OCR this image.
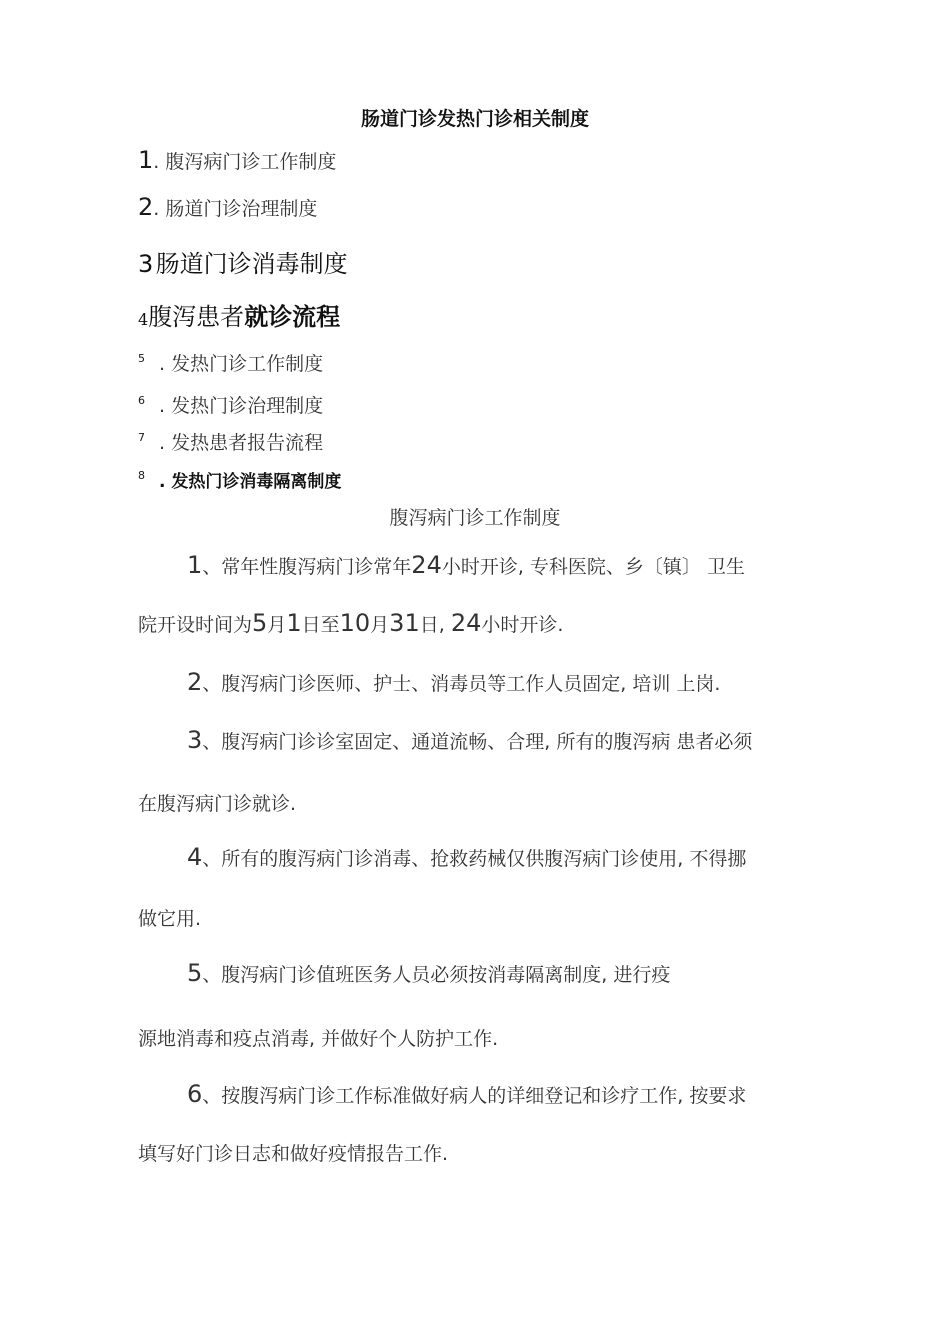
肠道门诊发热门诊相关制度
1. 腹泻病门诊工作制度
2. 肠道门诊治理制度
3 肠道门诊消毒制度
4腹泻患者就诊流程
$^5$ . 发热门诊工作制度
$^6$ . 发热门诊治理制度
$^7$ . 发热患者报告流程
$^8$ . 发热门诊消毒隔离制度
腹泻病门诊工作制度
1、常年性腹泻病门诊常年24小时开诊, 专科医院、乡〔镇〕 卫生
院开设时间为5月1日至10月31日, 24小时开诊.
2、腹泻病门诊医师、护士、消毒员等工作人员固定, 培训 上岗.
3、腹泻病门诊诊室固定、通道流畅、合理, 所有的腹泻病 患者必须
在腹泻病门诊就诊.
4、所有的腹泻病门诊消毒、抢救药械仅供腹泻病门诊使用, 不得挪
做它用.
5、腹泻病门诊值班医务人员必须按消毒隔离制度, 进行疫
源地消毒和疫点消毒, 并做好个人防护工作.
6、按腹泻病门诊工作标准做好病人的详细登记和诊疗工作, 按要求
填写好门诊日志和做好疫情报告工作.
